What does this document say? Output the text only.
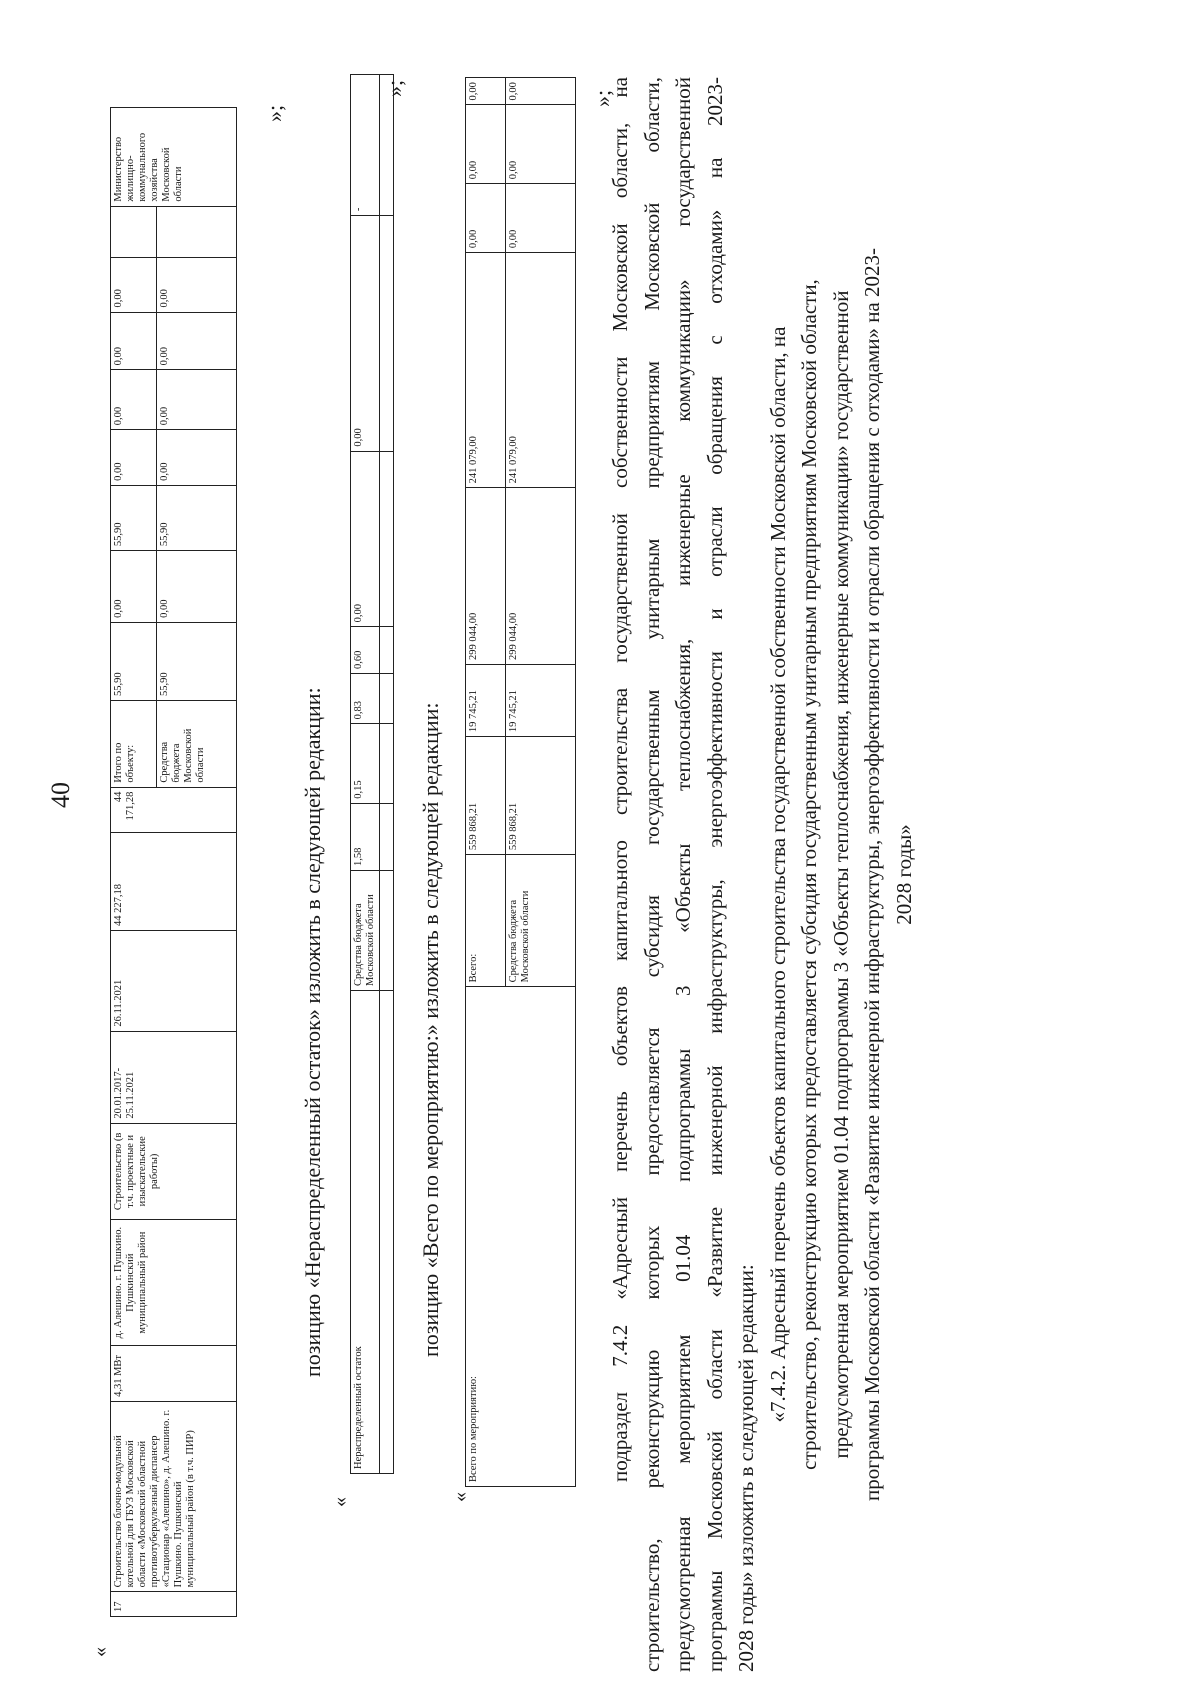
40
«
17	Строительство блочно-модульной котельной для ГБУЗ Московской области «Московский областной противотуберкулезный диспансер «Стационар «Алешино», д. Алешино. г. Пушкино. Пушкинский муниципальный район (в т.ч. ПИР)	4,31 МВт	д. Алешино. г. Пушкино. Пушкинский муниципальный район	Строительство (в т.ч. проектные и изыскательские работы)	20.01.2017-25.11.2021	26.11.2021	44 227,18	44 171,28	Итого по объекту:	55,90	0,00	55,90	0,00	0,00	0,00	0,00		Министерство жилищно-коммунального хозяйства Московской области
									Средства бюджета Московской области	55,90	0,00	55,90	0,00	0,00	0,00	0,00		
»;
позицию «Нераспределенный остаток» изложить в следующей редакции:
«
Нераспределенный остаток	Средства бюджета Московской области	1,58	0,15	0,83	0,60	0,00	0,00	-

»;
позицию «Всего по мероприятию:» изложить в следующей редакции:
«
Всего по мероприятию:	Всего:	559 868,21	19 745,21	299 044,00	241 079,00	0,00	0,00	0,00
	Средства бюджета Московской области	559 868,21	19 745,21	299 044,00	241 079,00	0,00	0,00	0,00	»;
подраздел 7.4.2 «Адресный перечень объектов капитального строительства государственной собственности Московской области, на строительство, реконструкцию которых предоставляется субсидия государственным унитарным предприятиям Московской области, предусмотренная мероприятием 01.04 подпрограммы 3 «Объекты теплоснабжения, инженерные коммуникации» государственной программы Московской области «Развитие инженерной инфраструктуры, энергоэффективности и отрасли обращения с отходами» на 2023- 2028 годы» изложить в следующей редакции:
«7.4.2. Адресный перечень объектов капитального строительства государственной собственности Московской области, на строительство, реконструкцию которых предоставляется субсидия государственным унитарным предприятиям Московской области, предусмотренная мероприятием 01.04 подпрограммы 3 «Объекты теплоснабжения, инженерные коммуникации» государственной программы Московской области «Развитие инженерной инфраструктуры, энергоэффективности и отрасли обращения с отходами» на 2023- 2028 годы»
